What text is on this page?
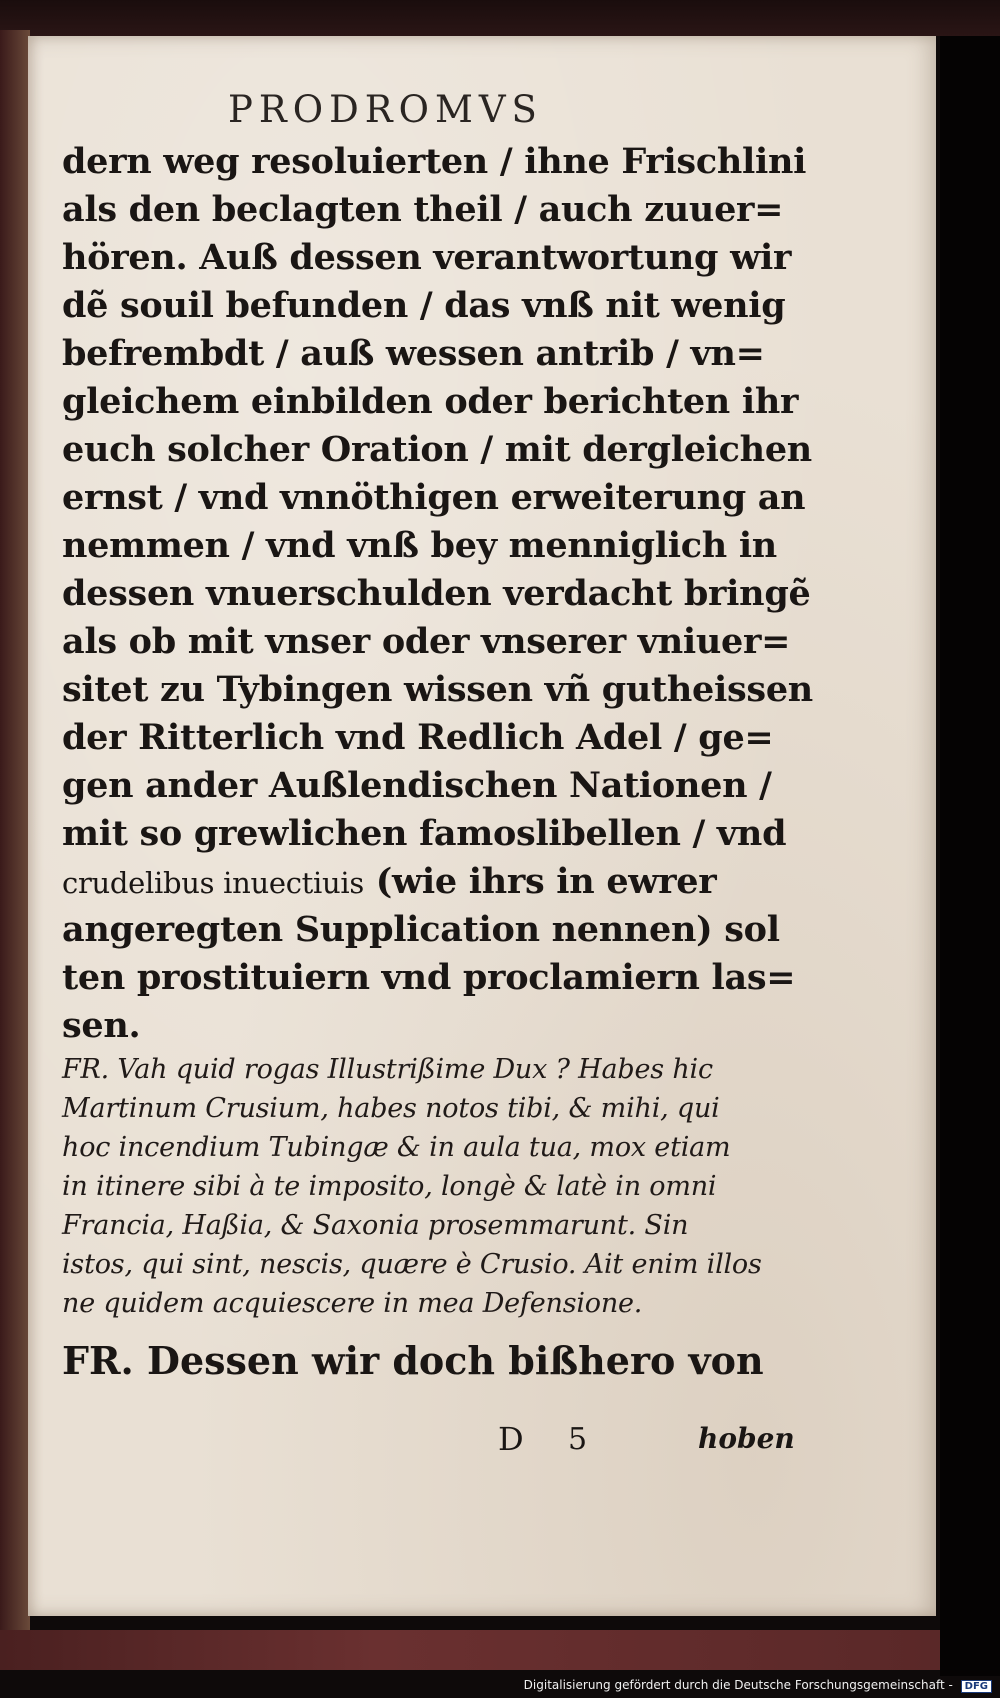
PRODROMVS
dern weg resoluierten / ihne Frischlini
als den beclagten theil / auch zuuer=
hören. Auß dessen verantwortung wir
dẽ souil befunden / das vnß nit wenig
befrembdt / auß wessen antrib / vn=
gleichem einbilden oder berichten ihr
euch solcher Oration / mit dergleichen
ernst / vnd vnnöthigen erweiterung an
nemmen / vnd vnß bey menniglich in
dessen vnuerschulden verdacht bringẽ
als ob mit vnser oder vnserer vniuer=
sitet zu Tybingen wissen vñ gutheissen
der Ritterlich vnd Redlich Adel / ge=
gen ander Außlendischen Nationen /
mit so grewlichen famoslibellen / vnd
crudelibus inuectiuis (wie ihrs in ewrer
angeregten Supplication nennen) sol
ten prostituiern vnd proclamiern las=
sen.
FR. Vah quid rogas Illustrißime Dux ? Habes hic
Martinum Crusium, habes notos tibi, & mihi, qui
hoc incendium Tubingæ & in aula tua, mox etiam
in itinere sibi à te imposito, longè & latè in omni
Francia, Haßia, & Saxonia prosemmarunt. Sin
istos, qui sint, nescis, quære è Crusio. Ait enim illos
ne quidem acquiescere in mea Defensione.
FR. Dessen wir doch bißhero von
D 5	hoben
Digitalisierung gefördert durch die Deutsche Forschungsgemeinschaft - DFG
